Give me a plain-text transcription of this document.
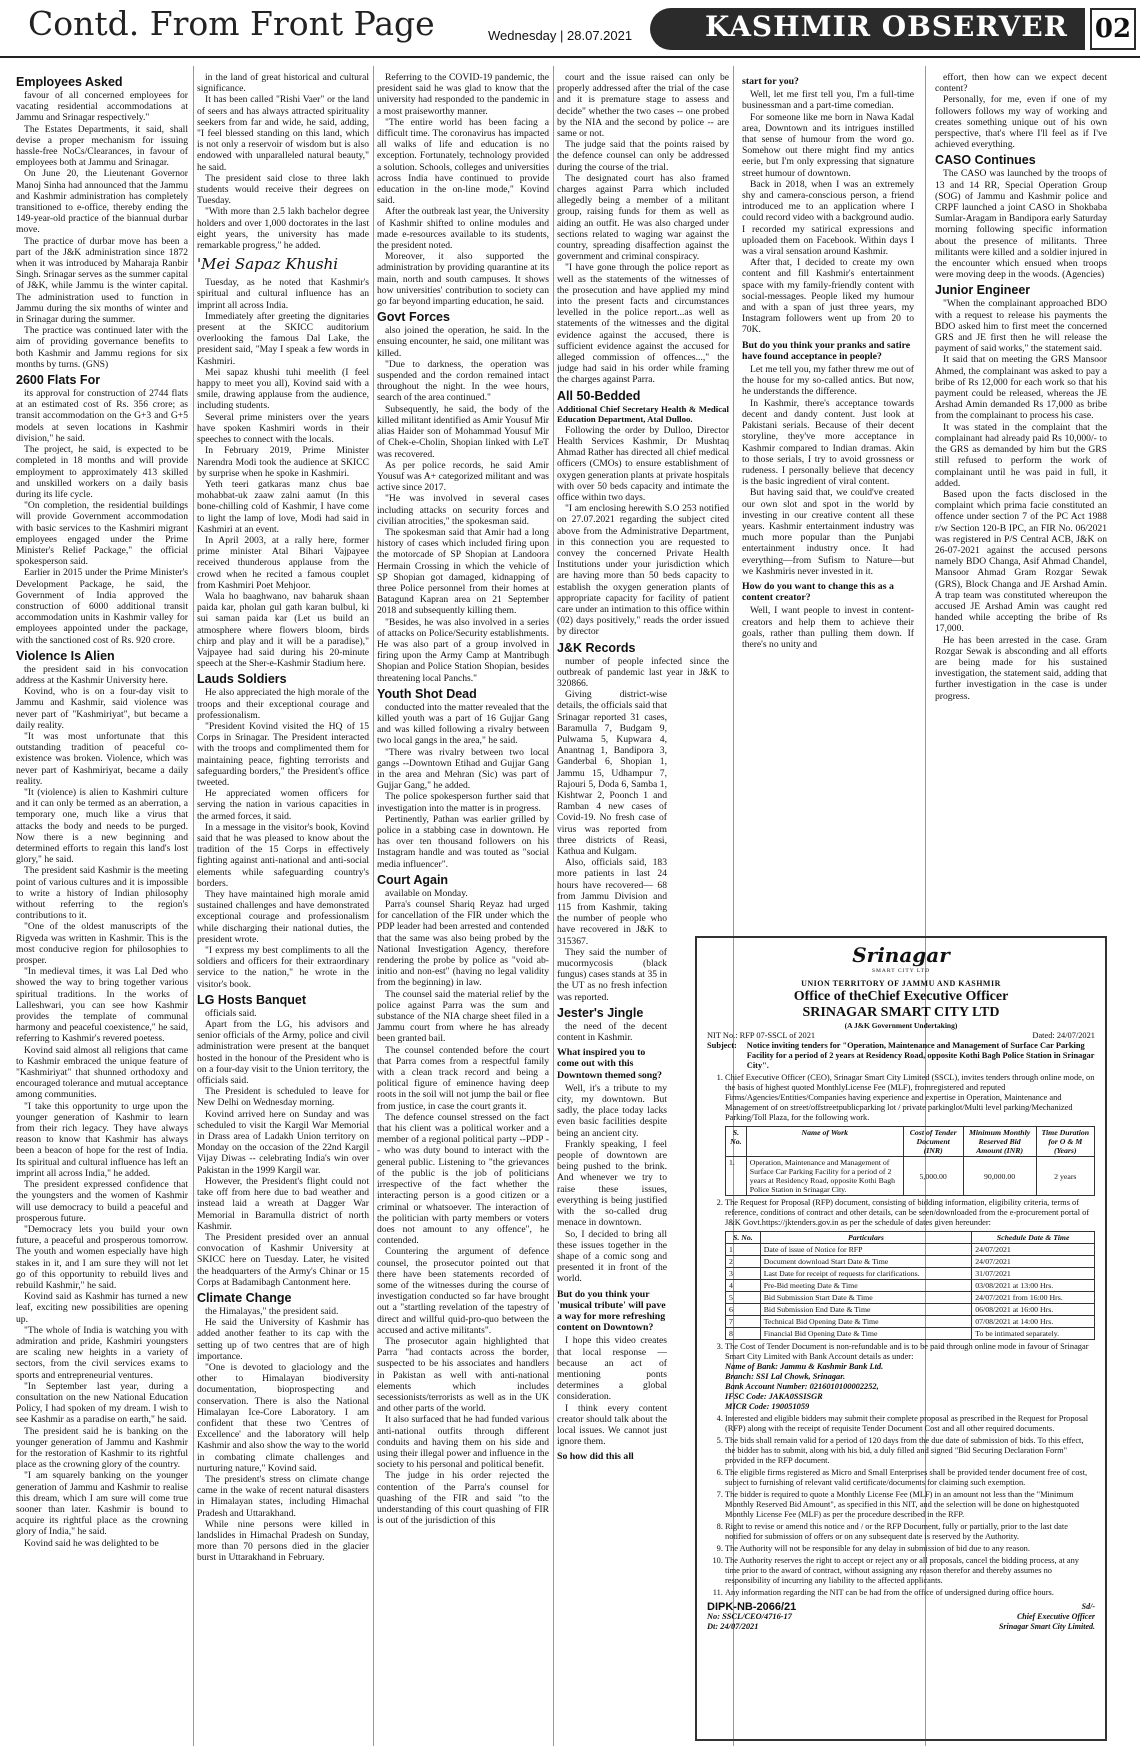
Contd. From Front Page	Wednesday | 28.07.2021	KASHMIR OBSERVER 02
Employees Asked

favour of all concerned employees for vacating residential accommodations at Jammu and Srinagar respectively."

The Estates Departments, it said, shall devise a proper mechanism for issuing hassle-free NoCs/Clearances, in favour of employees both at Jammu and Srinagar.

On June 20, the Lieutenant Governor Manoj Sinha had announced that the Jammu and Kashmir administration has completely transitioned to e-office, thereby ending the 149-year-old practice of the biannual durbar move.

The practice of durbar move has been a part of the J&K administration since 1872 when it was introduced by Maharaja Ranbir Singh. Srinagar serves as the summer capital of J&K, while Jammu is the winter capital. The administration used to function in Jammu during the six months of winter and in Srinagar during the summer.

The practice was continued later with the aim of providing governance benefits to both Kashmir and Jammu regions for six months by turns. (GNS)

2600 Flats For

its approval for construction of 2744 flats at an estimated cost of Rs. 356 crore; as transit accommodation on the G+3 and G+5 models at seven locations in Kashmir division," he said.

The project, he said, is expected to be completed in 18 months and will provide employment to approximately 413 skilled and unskilled workers on a daily basis during its life cycle.

"On completion, the residential buildings will provide Government accommodation with basic services to the Kashmiri migrant employees engaged under the Prime Minister's Relief Package," the official spokesperson said.

Earlier in 2015 under the Prime Minister's Development Package, he said, the Government of India approved the construction of 6000 additional transit accommodation units in Kashmir valley for employees appointed under the package, with the sanctioned cost of Rs. 920 crore.

Violence Is Alien

the president said in his convocation address at the Kashmir University here.

Kovind, who is on a four-day visit to Jammu and Kashmir, said violence was never part of "Kashmiriyat", but became a daily reality.

"It was most unfortunate that this outstanding tradition of peaceful co-existence was broken. Violence, which was never part of Kashmiriyat, became a daily reality.

"It (violence) is alien to Kashmiri culture and it can only be termed as an aberration, a temporary one, much like a virus that attacks the body and needs to be purged. Now there is a new beginning and determined efforts to regain this land's lost glory," he said.

The president said Kashmir is the meeting point of various cultures and it is impossible to write a history of Indian philosophy without referring to the region's contributions to it.

"One of the oldest manuscripts of the Rigveda was written in Kashmir. This is the most conducive region for philosophies to prosper.

"In medieval times, it was Lal Ded who showed the way to bring together various spiritual traditions. In the works of Lalleshwari, you can see how Kashmir provides the template of communal harmony and peaceful coexistence," he said, referring to Kashmir's revered poetess.

Kovind said almost all religions that came to Kashmir embraced the unique feature of "Kashmiriyat" that shunned orthodoxy and encouraged tolerance and mutual acceptance among communities.

"I take this opportunity to urge upon the younger generation of Kashmir to learn from their rich legacy. They have always reason to know that Kashmir has always been a beacon of hope for the rest of India. Its spiritual and cultural influence has left an imprint all across India," he added.

The president expressed confidence that the youngsters and the women of Kashmir will use democracy to build a peaceful and prosperous future.

"Democracy lets you build your own future, a peaceful and prosperous tomorrow. The youth and women especially have high stakes in it, and I am sure they will not let go of this opportunity to rebuild lives and rebuild Kashmir," he said.

Kovind said as Kashmir has turned a new leaf, exciting new possibilities are opening up.

"The whole of India is watching you with admiration and pride, Kashmiri youngsters are scaling new heights in a variety of sectors, from the civil services exams to sports and entrepreneurial ventures.

"In September last year, during a consultation on the new National Education Policy, I had spoken of my dream. I wish to see Kashmir as a paradise on earth," he said.

The president said he is banking on the younger generation of Jammu and Kashmir for the restoration of Kashmir to its rightful place as the crowning glory of the country.

"I am squarely banking on the younger generation of Jammu and Kashmir to realise this dream, which I am sure will come true sooner than later. Kashmir is bound to acquire its rightful place as the crowning glory of India," he said.

Kovind said he was delighted to be

in the land of great historical and cultural significance.

It has been called "Rishi Vaer" or the land of seers and has always attracted spirituality seekers from far and wide, he said, adding, "I feel blessed standing on this land, which is not only a reservoir of wisdom but is also endowed with unparalleled natural beauty," he said.

The president said close to three lakh students would receive their degrees on Tuesday.

"With more than 2.5 lakh bachelor degree holders and over 1,000 doctorates in the last eight years, the university has made remarkable progress," he added.

'Mei Sapaz Khushi

Tuesday, as he noted that Kashmir's spiritual and cultural influence has an imprint all across India.

Immediately after greeting the dignitaries present at the SKICC auditorium overlooking the famous Dal Lake, the president said, "May I speak a few words in Kashmiri.

Mei sapaz khushi tuhi meelith (I feel happy to meet you all), Kovind said with a smile, drawing applause from the audience, including students.

Several prime ministers over the years have spoken Kashmiri words in their speeches to connect with the locals.

In February 2019, Prime Minister Narendra Modi took the audience at SKICC by surprise when he spoke in Kashmiri.

Yeth teeri gatkaras manz chus bae mohabbat-uk zaaw zalni aamut (In this bone-chilling cold of Kashmir, I have come to light the lamp of love, Modi had said in Kashmiri at an event.

In April 2003, at a rally here, former prime minister Atal Bihari Vajpayee received thunderous applause from the crowd when he recited a famous couplet from Kashmiri Poet Mehjoor.

Wala ho baaghwano, nav baharuk shaan paida kar, pholan gul gath karan bulbul, ki sui saman paida kar (Let us build an atmosphere where flowers bloom, birds chirp and play and it will be a paradise)," Vajpayee had said during his 20-minute speech at the Sher-e-Kashmir Stadium here.

Lauds Soldiers

He also appreciated the high morale of the troops and their exceptional courage and professionalism.

"President Kovind visited the HQ of 15 Corps in Srinagar. The President interacted with the troops and complimented them for maintaining peace, fighting terrorists and safeguarding borders," the President's office tweeted.

He appreciated women officers for serving the nation in various capacities in the armed forces, it said.

In a message in the visitor's book, Kovind said that he was pleased to know about the tradition of the 15 Corps in effectively fighting against anti-national and anti-social elements while safeguarding country's borders.

They have maintained high morale amid sustained challenges and have demonstrated exceptional courage and professionalism while discharging their national duties, the president wrote.

"I express my best compliments to all the soldiers and officers for their extraordinary service to the nation," he wrote in the visitor's book.

LG Hosts Banquet

officials said.

Apart from the LG, his advisors and senior officials of the Army, police and civil administration were present at the banquet hosted in the honour of the President who is on a four-day visit to the Union territory, the officials said.

The President is scheduled to leave for New Delhi on Wednesday morning.

Kovind arrived here on Sunday and was scheduled to visit the Kargil War Memorial in Drass area of Ladakh Union territory on Monday on the occasion of the 22nd Kargil Vijay Diwas -- celebrating India's win over Pakistan in the 1999 Kargil war.

However, the President's flight could not take off from here due to bad weather and instead laid a wreath at Dagger War Memorial in Baramulla district of north Kashmir.

The President presided over an annual convocation of Kashmir University at SKICC here on Tuesday. Later, he visited the headquarters of the Army's Chinar or 15 Corps at Badamibagh Cantonment here.

Climate Change

the Himalayas," the president said.

He said the University of Kashmir has added another feather to its cap with the setting up of two centres that are of high importance.

"One is devoted to glaciology and the other to Himalayan biodiversity documentation, bioprospecting and conservation. There is also the National Himalayan Ice-Core Laboratory. I am confident that these two 'Centres of Excellence' and the laboratory will help Kashmir and also show the way to the world in combating climate challenges and nurturing nature," Kovind said.

The president's stress on climate change came in the wake of recent natural disasters in Himalayan states, including Himachal Pradesh and Uttarakhand.

While nine persons were killed in landslides in Himachal Pradesh on Sunday, more than 70 persons died in the glacier burst in Uttarakhand in February.

Referring to the COVID-19 pandemic, the president said he was glad to know that the university had responded to the pandemic in a most praiseworthy manner.

"The entire world has been facing a difficult time. The coronavirus has impacted all walks of life and education is no exception. Fortunately, technology provided a solution. Schools, colleges and universities across India have continued to provide education in the on-line mode," Kovind said.

After the outbreak last year, the University of Kashmir shifted to online modules and made e-resources available to its students, the president noted.

Moreover, it also supported the administration by providing quarantine at its main, north and south campuses. It shows how universities' contribution to society can go far beyond imparting education, he said.

Govt Forces

also joined the operation, he said. In the ensuing encounter, he said, one militant was killed.

"Due to darkness, the operation was suspended and the cordon remained intact throughout the night. In the wee hours, search of the area continued."

Subsequently, he said, the body of the killed militant identified as Amir Yousuf Mir alias Haider son of Mohammad Yousuf Mir of Chek-e-Cholin, Shopian linked with LeT was recovered.

As per police records, he said Amir Yousuf was A+ categorized militant and was active since 2017.

"He was involved in several cases including attacks on security forces and civilian atrocities," the spokesman said.

The spokesman said that Amir had a long history of cases which included firing upon the motorcade of SP Shopian at Landoora Hermain Crossing in which the vehicle of SP Shopian got damaged, kidnapping of three Police personnel from their homes at Batagund Kapran area on 21 September 2018 and subsequently killing them.

"Besides, he was also involved in a series of attacks on Police/Security establishments. He was also part of a group involved in firing upon the Army Camp at Mantribugh Shopian and Police Station Shopian, besides threatening local Panchs."

Youth Shot Dead

conducted into the matter revealed that the killed youth was a part of 16 Gujjar Gang and was killed following a rivalry between two local gangs in the area," he said.

"There was rivalry between two local gangs --Downtown Etihad and Gujjar Gang in the area and Mehran (Sic) was part of Gujjar Gang," he added.

The police spokesperson further said that investigation into the matter is in progress.

Pertinently, Pathan was earlier grilled by police in a stabbing case in downtown. He has over ten thousand followers on his Instagram handle and was touted as "social media influencer".

Court Again

available on Monday.

Parra's counsel Shariq Reyaz had urged for cancellation of the FIR under which the PDP leader had been arrested and contended that the same was also being probed by the National Investigation Agency, therefore rendering the probe by police as "void ab-initio and non-est" (having no legal validity from the beginning) in law.

The counsel said the material relief by the police against Parra was the sum and substance of the NIA charge sheet filed in a Jammu court from where he has already been granted bail.

The counsel contended before the court that Parra comes from a respectful family with a clean track record and being a political figure of eminence having deep roots in the soil will not jump the bail or flee from justice, in case the court grants it.

The defence counsel stressed on the fact that his client was a political worker and a member of a regional political party --PDP -- who was duty bound to interact with the general public. Listening to "the grievances of the public is the job of politicians irrespective of the fact whether the interacting person is a good citizen or a criminal or whatsoever. The interaction of the politician with party members or voters does not amount to any offence", he contended.

Countering the argument of defence counsel, the prosecutor pointed out that there have been statements recorded of some of the witnesses during the course of investigation conducted so far have brought out a "startling revelation of the tapestry of direct and willful quid-pro-quo between the accused and active militants".

The prosecutor again highlighted that Parra "had contacts across the border, suspected to be his associates and handlers in Pakistan as well with anti-national elements which includes secessionists/terrorists as well as in the UK and other parts of the world.

It also surfaced that he had funded various anti-national outfits through different conduits and having them on his side and using their illegal power and influence in the society to his personal and political benefit.

The judge in his order rejected the contention of the Parra's counsel for quashing of the FIR and said "to the understanding of this court quashing of FIR is out of the jurisdiction of this

court and the issue raised can only be properly addressed after the trial of the case and it is premature stage to assess and decide" whether the two cases -- one probed by the NIA and the second by police -- are same or not.

The judge said that the points raised by the defence counsel can only be addressed during the course of the trial.

The designated court has also framed charges against Parra which included allegedly being a member of a militant group, raising funds for them as well as aiding an outfit. He was also charged under sections related to waging war against the country, spreading disaffection against the government and criminal conspiracy.

"I have gone through the police report as well as the statements of the witnesses of the prosecution and have applied my mind into the present facts and circumstances levelled in the police report...as well as statements of the witnesses and the digital evidence against the accused, there is sufficient evidence against the accused for alleged commission of offences...," the judge had said in his order while framing the charges against Parra.

All 50-Bedded
Additional Chief Secretary Health & Medical Education Department, Atal Dulloo.

Following the order by Dulloo, Director Health Services Kashmir, Dr Mushtaq Ahmad Rather has directed all chief medical officers (CMOs) to ensure establishment of oxygen generation plants at private hospitals with over 50 beds capacity and intimate the office within two days.

"I am enclosing herewith S.O 253 notified on 27.07.2021 regarding the subject cited above from the Administrative Department, in this connection you are requested to convey the concerned Private Health Institutions under your jurisdiction which are having more than 50 beds capacity to establish the oxygen generation plants of appropriate capacity for facility of patient care under an intimation to this office within (02) days positively," reads the order issued by director

J&K Records

number of people infected since the outbreak of pandemic last year in J&K to 320866.

Giving district-wise details, the officials said that Srinagar reported 31 cases, Baramulla 7, Budgam 9, Pulwama 5, Kupwara 4, Anantnag 1, Bandipora 3, Ganderbal 6, Shopian 1, Jammu 15, Udhampur 7, Rajouri 5, Doda 6, Samba 1, Kishtwar 2, Poonch 1 and Ramban 4 new cases of Covid-19. No fresh case of virus was reported from three districts of Reasi, Kathua and Kulgam.

Also, officials said, 183 more patients in last 24 hours have recovered— 68 from Jammu Division and 115 from Kashmir, taking the number of people who have recovered in J&K to 315367.

They said the number of mucormycosis (black fungus) cases stands at 35 in the UT as no fresh infection was reported.

Jester's Jingle

the need of the decent content in Kashmir.

What inspired you to come out with this Downtown themed song?

Well, it's a tribute to my city, my downtown. But sadly, the place today lacks even basic facilities despite being an ancient city.

Frankly speaking, I feel people of downtown are being pushed to the brink. And whenever we try to raise these issues, everything is being justified with the so-called drug menace in downtown.

So, I decided to bring all these issues together in the shape of a comic song and presented it in front of the world.

But do you think your 'musical tribute' will pave a way for more refreshing content on Downtown?

I hope this video creates that local response — because an act of mentioning ponts determines a global consideration.

I think every content creator should talk about the local issues. We cannot just ignore them.

So how did this all
start for you?

Well, let me first tell you, I'm a full-time businessman and a part-time comedian.

For someone like me born in Nawa Kadal area, Downtown and its intrigues instilled that sense of humour from the word go. Somehow out there might find my antics eerie, but I'm only expressing that signature street humour of downtown.

Back in 2018, when I was an extremely shy and camera-conscious person, a friend introduced me to an application where I could record video with a background audio. I recorded my satirical expressions and uploaded them on Facebook. Within days I was a viral sensation around Kashmir.

After that, I decided to create my own content and fill Kashmir's entertainment space with my family-friendly content with social-messages. People liked my humour and with a span of just three years, my Instagram followers went up from 20 to 70K.

But do you think your pranks and satire have found acceptance in people?

Let me tell you, my father threw me out of the house for my so-called antics. But now, he understands the difference.

In Kashmir, there's acceptance towards decent and dandy content. Just look at Pakistani serials. Because of their decent storyline, they've more acceptance in Kashmir compared to Indian dramas. Akin to those serials, I try to avoid grossness or rudeness. I personally believe that decency is the basic ingredient of viral content.

But having said that, we could've created our own slot and spot in the world by investing in our creative content all these years. Kashmir entertainment industry was much more popular than the Punjabi entertainment industry once. It had everything—from Sufism to Nature—but we Kashmiris never invested in it.

How do you want to change this as a content creator?

Well, I want people to invest in content-creators and help them to achieve their goals, rather than pulling them down. If there's no unity and

effort, then how can we expect decent content?

Personally, for me, even if one of my followers follows my way of working and creates something unique out of his own perspective, that's where I'll feel as if I've achieved everything.

CASO Continues

The CASO was launched by the troops of 13 and 14 RR, Special Operation Group (SOG) of Jammu and Kashmir police and CRPF launched a joint CASO in Shokbaba Sumlar-Aragam in Bandipora early Saturday morning following specific information about the presence of militants. Three militants were killed and a soldier injured in the encounter which ensued when troops were moving deep in the woods. (Agencies)

Junior Engineer

"When the complainant approached BDO with a request to release his payments the BDO asked him to first meet the concerned GRS and JE first then he will release the payment of said works," the statement said.

It said that on meeting the GRS Mansoor Ahmed, the complainant was asked to pay a bribe of Rs 12,000 for each work so that his payment could be released, whereas the JE Arshad Amin demanded Rs 17,000 as bribe from the complainant to process his case.

It was stated in the complaint that the complainant had already paid Rs 10,000/- to the GRS as demanded by him but the GRS still refused to perform the work of complainant until he was paid in full, it added.

Based upon the facts disclosed in the complaint which prima facie constituted an offence under section 7 of the PC Act 1988 r/w Section 120-B IPC, an FIR No. 06/2021 was registered in P/S Central ACB, J&K on 26-07-2021 against the accused persons namely BDO Changa, Asif Ahmad Chandel, Mansoor Ahmad Gram Rozgar Sewak (GRS), Block Changa and JE Arshad Amin. A trap team was constituted whereupon the accused JE Arshad Amin was caught red handed while accepting the bribe of Rs 17,000.

He has been arrested in the case. Gram Rozgar Sewak is absconding and all efforts are being made for his sustained investigation, the statement said, adding that further investigation in the case is under progress.

Srinagar
SMART CITY LTD
UNION TERRITORY OF JAMMU AND KASHMIR
Office of theChief Executive Officer
SRINAGAR SMART CITY LTD
(A J&K Government Undertaking)
NIT No.: RFP 07-SSCL of 2021	Dated: 24/07/2021
Subject: Notice inviting tenders for "Operation, Maintenance and Management of Surface Car Parking Facility for a period of 2 years at Residency Road, opposite Kothi Bagh Police Station in Srinagar City".
1. Chief Executive Officer (CEO), Srinagar Smart City Limited (SSCL), invites tenders through online mode, on the basis of highest quoted MonthlyLicense Fee (MLF), fromregistered and reputed Firms/Agencies/Entities/Companies having experience and expertise in Operation, Maintenance and Management of on street/offstreetpublicparking lot / private parkinglot/Multi level parking/Mechanized Parking/Toll Plaza, for the following work.
S. No.	Name of Work	Cost of Tender Document (INR)	Minimum Monthly Reserved Bid Amount (INR)	Time Duration for O & M (Years)
1.	Operation, Maintenance and Management of Surface Car Parking Facility for a period of 2 years at Residency Road, opposite Kothi Bagh Police Station in Srinagar City.	5,000.00	90,000.00	2 years
2. The Request for Proposal (RFP) document, consisting of bidding information, eligibility criteria, terms of reference, conditions of contract and other details, can be seen/downloaded from the e-procurement portal of J&K Govt.https://jktenders.gov.in as per the schedule of dates given hereunder:
S. No.	Particulars	Schedule Date & Time
1	Date of issue of Notice for RFP	24/07/2021
2	Document download Start Date & Time	24/07/2021
3	Last Date for receipt of requests for clarifications.	31/07/2021
4	Pre-Bid meeting Date & Time	03/08/2021 at 13:00 Hrs.
5	Bid Submission Start Date & Time	24/07/2021 from 16:00 Hrs.
6	Bid Submission End Date & Time	06/08/2021 at 16:00 Hrs.
7	Technical Bid Opening Date & Time	07/08/2021 at 14:00 Hrs.
8	Financial Bid Opening Date & Time	To be intimated separately.
3. The Cost of Tender Document is non-refundable and is to be paid through online mode in favour of Srinagar Smart City Limited with Bank Account details as under:
Name of Bank: Jammu & Kashmir Bank Ltd.
Branch: SSI Lal Chowk, Srinagar.
Bank Account Number: 0216010100002252,
IFSC Code: JAKA0SSISGR
MICR Code: 190051059
4. Interested and eligible bidders may submit their complete proposal as prescribed in the Request for Proposal (RFP) along with the receipt of requisite Tender Document Cost and all other required documents.
5. The bids shall remain valid for a period of 120 days from the due date of submission of bids. To this effect, the bidder has to submit, along with his bid, a duly filled and signed "Bid Securing Declaration Form" provided in the RFP document.
6. The eligible firms registered as Micro and Small Enterprises shall be provided tender document free of cost, subject to furnishing of relevant valid certificate/documents for claiming such exemption.
7. The bidder is required to quote a Monthly License Fee (MLF) in an amount not less than the "Minimum Monthly Reserved Bid Amount", as specified in this NIT, and the selection will be done on highestquoted Monthly License Fee (MLF) as per the procedure described in the RFP.
8. Right to revise or amend this notice and / or the RFP Document, fully or partially, prior to the last date notified for submission of offers or on any subsequent date is reserved by the Authority.
9. The Authority will not be responsible for any delay in submission of bid due to any reason.
10. The Authority reserves the right to accept or reject any or all proposals, cancel the bidding process, at any time prior to the award of contract, without assigning any reason therefor and thereby assumes no responsibility of incurring any liability to the affected applicants.
11. Any information regarding the NIT can be had from the office of undersigned during office hours.
DIPK-NB-2066/21
No: SSCL/CEO/4716-17
Dt: 24/07/2021
Sd/-
Chief Executive Officer
Srinagar Smart City Limited.
